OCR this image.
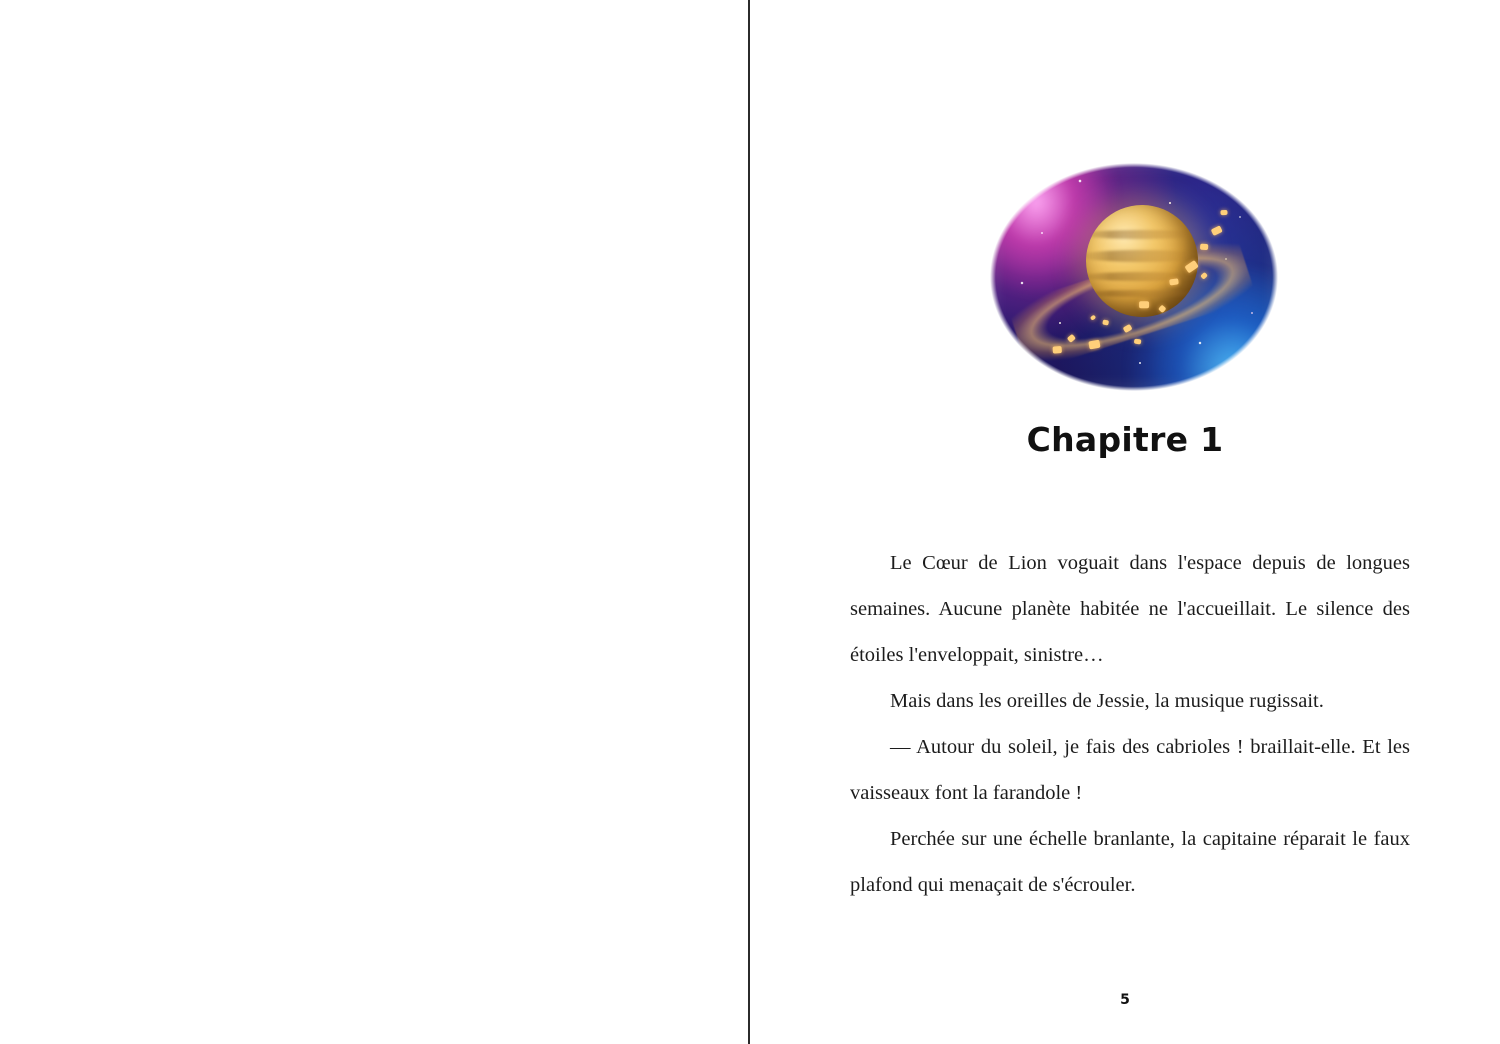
Chapitre 1

Le Cœur de Lion voguait dans l'espace depuis de longues semaines. Aucune planète habitée ne l'accueillait. Le silence des étoiles l'enveloppait, sinistre…

Mais dans les oreilles de Jessie, la musique rugissait.

— Autour du soleil, je fais des cabrioles ! braillait-elle. Et les vaisseaux font la farandole !

Perchée sur une échelle branlante, la capitaine réparait le faux plafond qui menaçait de s'écrouler.

5
